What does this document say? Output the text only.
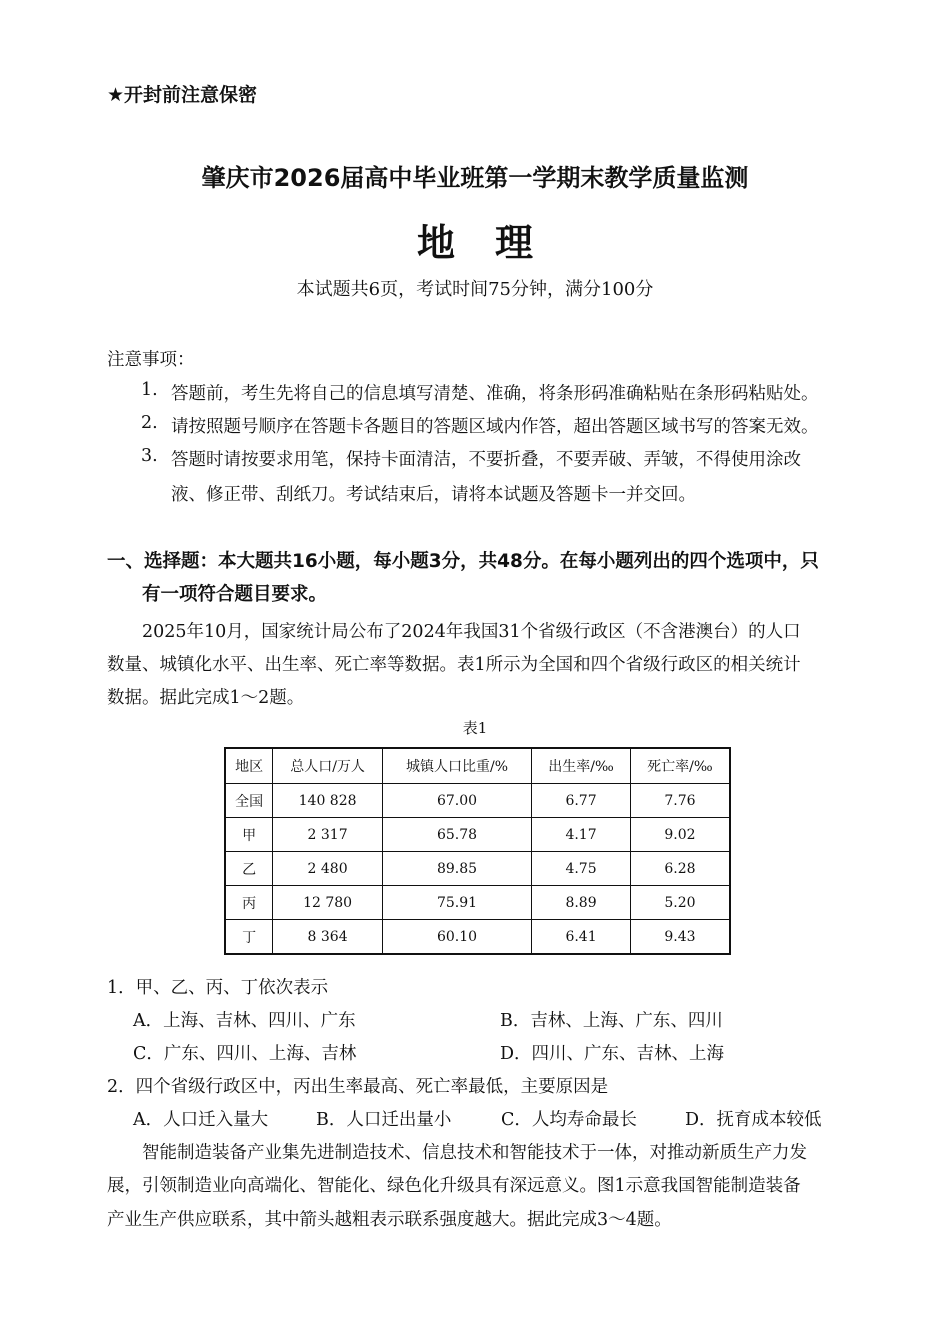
★开封前注意保密
肇庆市2026届高中毕业班第一学期末教学质量监测
地理
本试题共6页，考试时间75分钟，满分100分
注意事项：
1. 答题前，考生先将自己的信息填写清楚、准确，将条形码准确粘贴在条形码粘贴处。
2. 请按照题号顺序在答题卡各题目的答题区域内作答，超出答题区域书写的答案无效。
3. 答题时请按要求用笔，保持卡面清洁，不要折叠，不要弄破、弄皱，不得使用涂改
液、修正带、刮纸刀。考试结束后，请将本试题及答题卡一并交回。
一、选择题：本大题共16小题，每小题3分，共48分。在每小题列出的四个选项中，只
有一项符合题目要求。
2025年10月，国家统计局公布了2024年我国31个省级行政区（不含港澳台）的人口
数量、城镇化水平、出生率、死亡率等数据。表1所示为全国和四个省级行政区的相关统计
数据。据此完成1～2题。
表1
地区	总人口/万人	城镇人口比重/%	出生率/‰	死亡率/‰
全国	140 828	67.00	6.77	7.76
甲	2 317	65.78	4.17	9.02
乙	2 480	89.85	4.75	6.28
丙	12 780	75.91	8.89	5.20
丁	8 364	60.10	6.41	9.43
1．甲、乙、丙、丁依次表示
A．上海、吉林、四川、广东	B．吉林、上海、广东、四川
C．广东、四川、上海、吉林	D．四川、广东、吉林、上海
2．四个省级行政区中，丙出生率最高、死亡率最低，主要原因是
A．人口迁入量大	B．人口迁出量小	C．人均寿命最长	D．抚育成本较低
智能制造装备产业集先进制造技术、信息技术和智能技术于一体，对推动新质生产力发
展，引领制造业向高端化、智能化、绿色化升级具有深远意义。图1示意我国智能制造装备
产业生产供应联系，其中箭头越粗表示联系强度越大。据此完成3～4题。
